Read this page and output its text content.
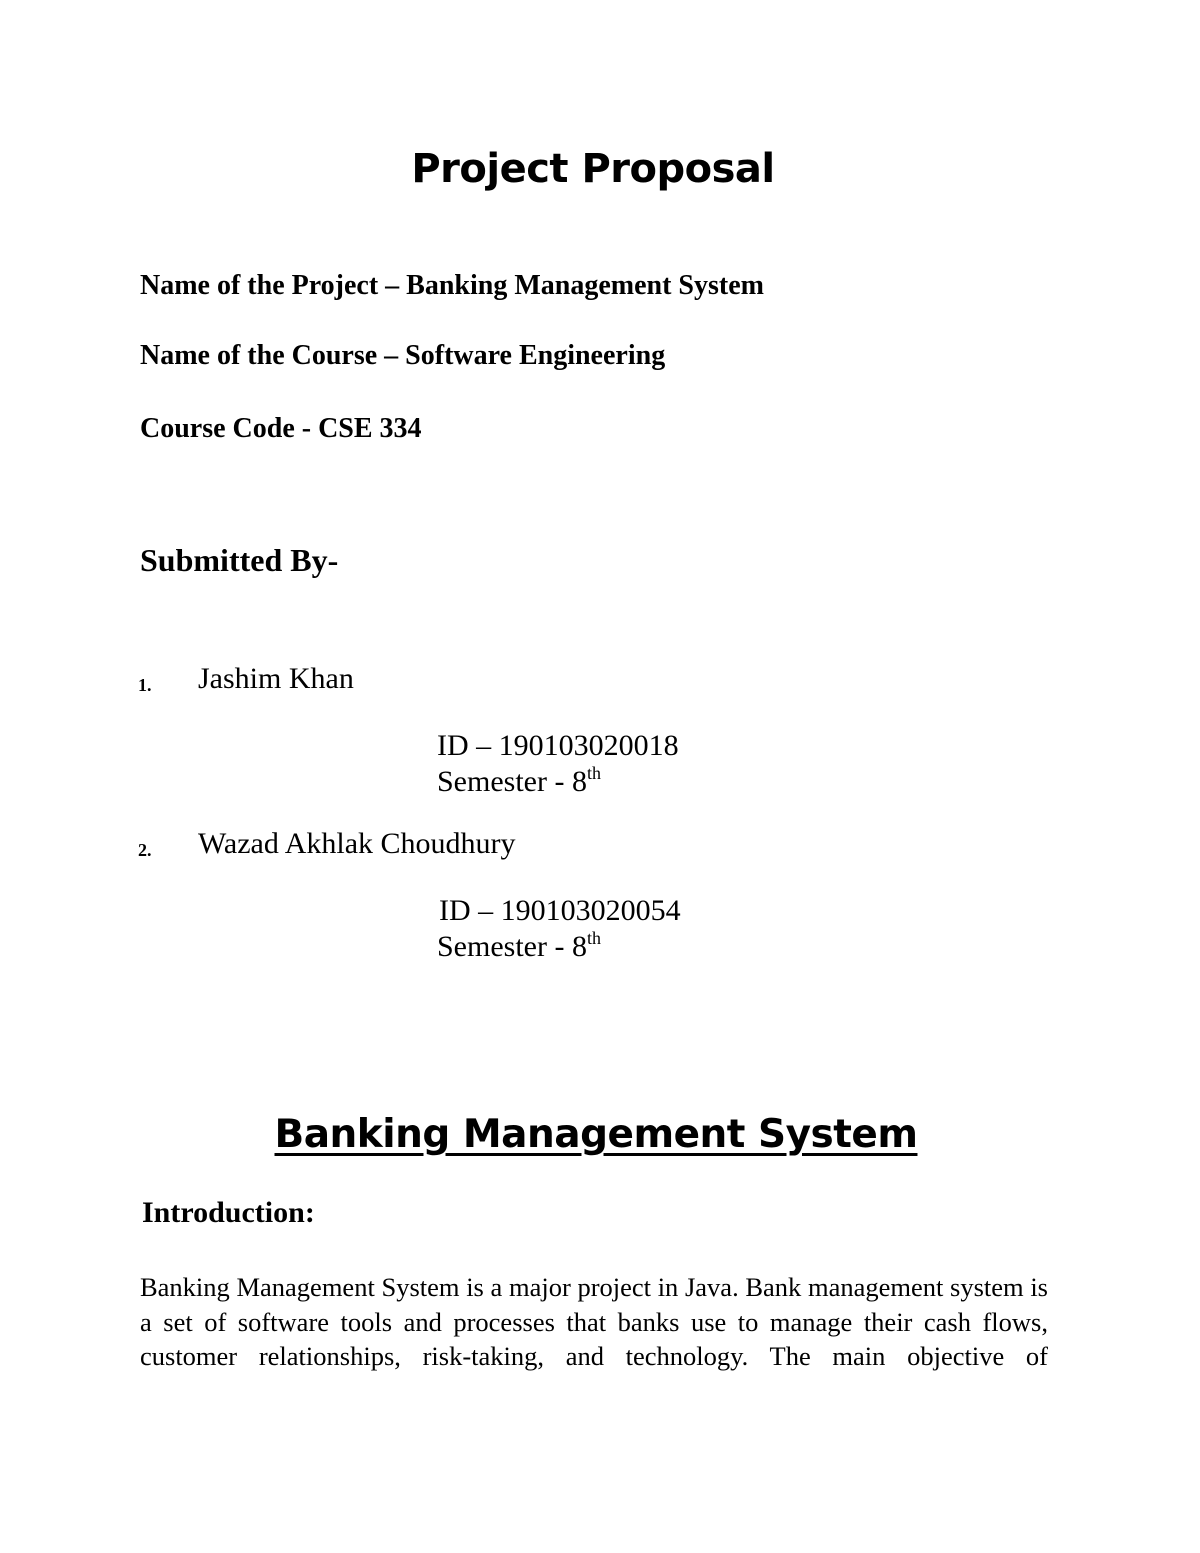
Project Proposal
Name of the Project – Banking Management System
Name of the Course – Software Engineering
Course Code - CSE 334
Submitted By-
1. Jashim Khan
ID – 190103020018
Semester - 8th
2. Wazad Akhlak Choudhury
ID – 190103020054
Semester - 8th
Banking Management System
Introduction:
Banking Management System is a major project in Java. Bank management system is a set of software tools and processes that banks use to manage their cash flows, customer relationships, risk-taking, and technology. The main objective of
